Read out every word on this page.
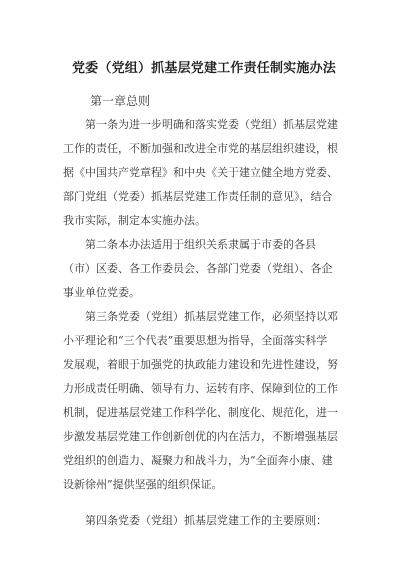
党委（党组）抓基层党建工作责任制实施办法
第一章总则
第一条为进一步明确和落实党委（党组）抓基层党建
工作的责任，不断加强和改进全市党的基层组织建设，根
据《中国共产党章程》和中央《关于建立健全地方党委、
部门党组（党委）抓基层党建工作责任制的意见》，结合
我市实际，制定本实施办法。
第二条本办法适用于组织关系隶属于市委的各县
（市）区委、各工作委员会、各部门党委（党组）、各企
事业单位党委。
第三条党委（党组）抓基层党建工作，必须坚持以邓
小平理论和“三个代表”重要思想为指导，全面落实科学
发展观，着眼于加强党的执政能力建设和先进性建设，努
力形成责任明确、领导有力、运转有序、保障到位的工作
机制，促进基层党建工作科学化、制度化、规范化，进一
步激发基层党建工作创新创优的内在活力，不断增强基层
党组织的创造力、凝聚力和战斗力，为“全面奔小康、建
设新徐州”提供坚强的组织保证。
第四条党委（党组）抓基层党建工作的主要原则：
